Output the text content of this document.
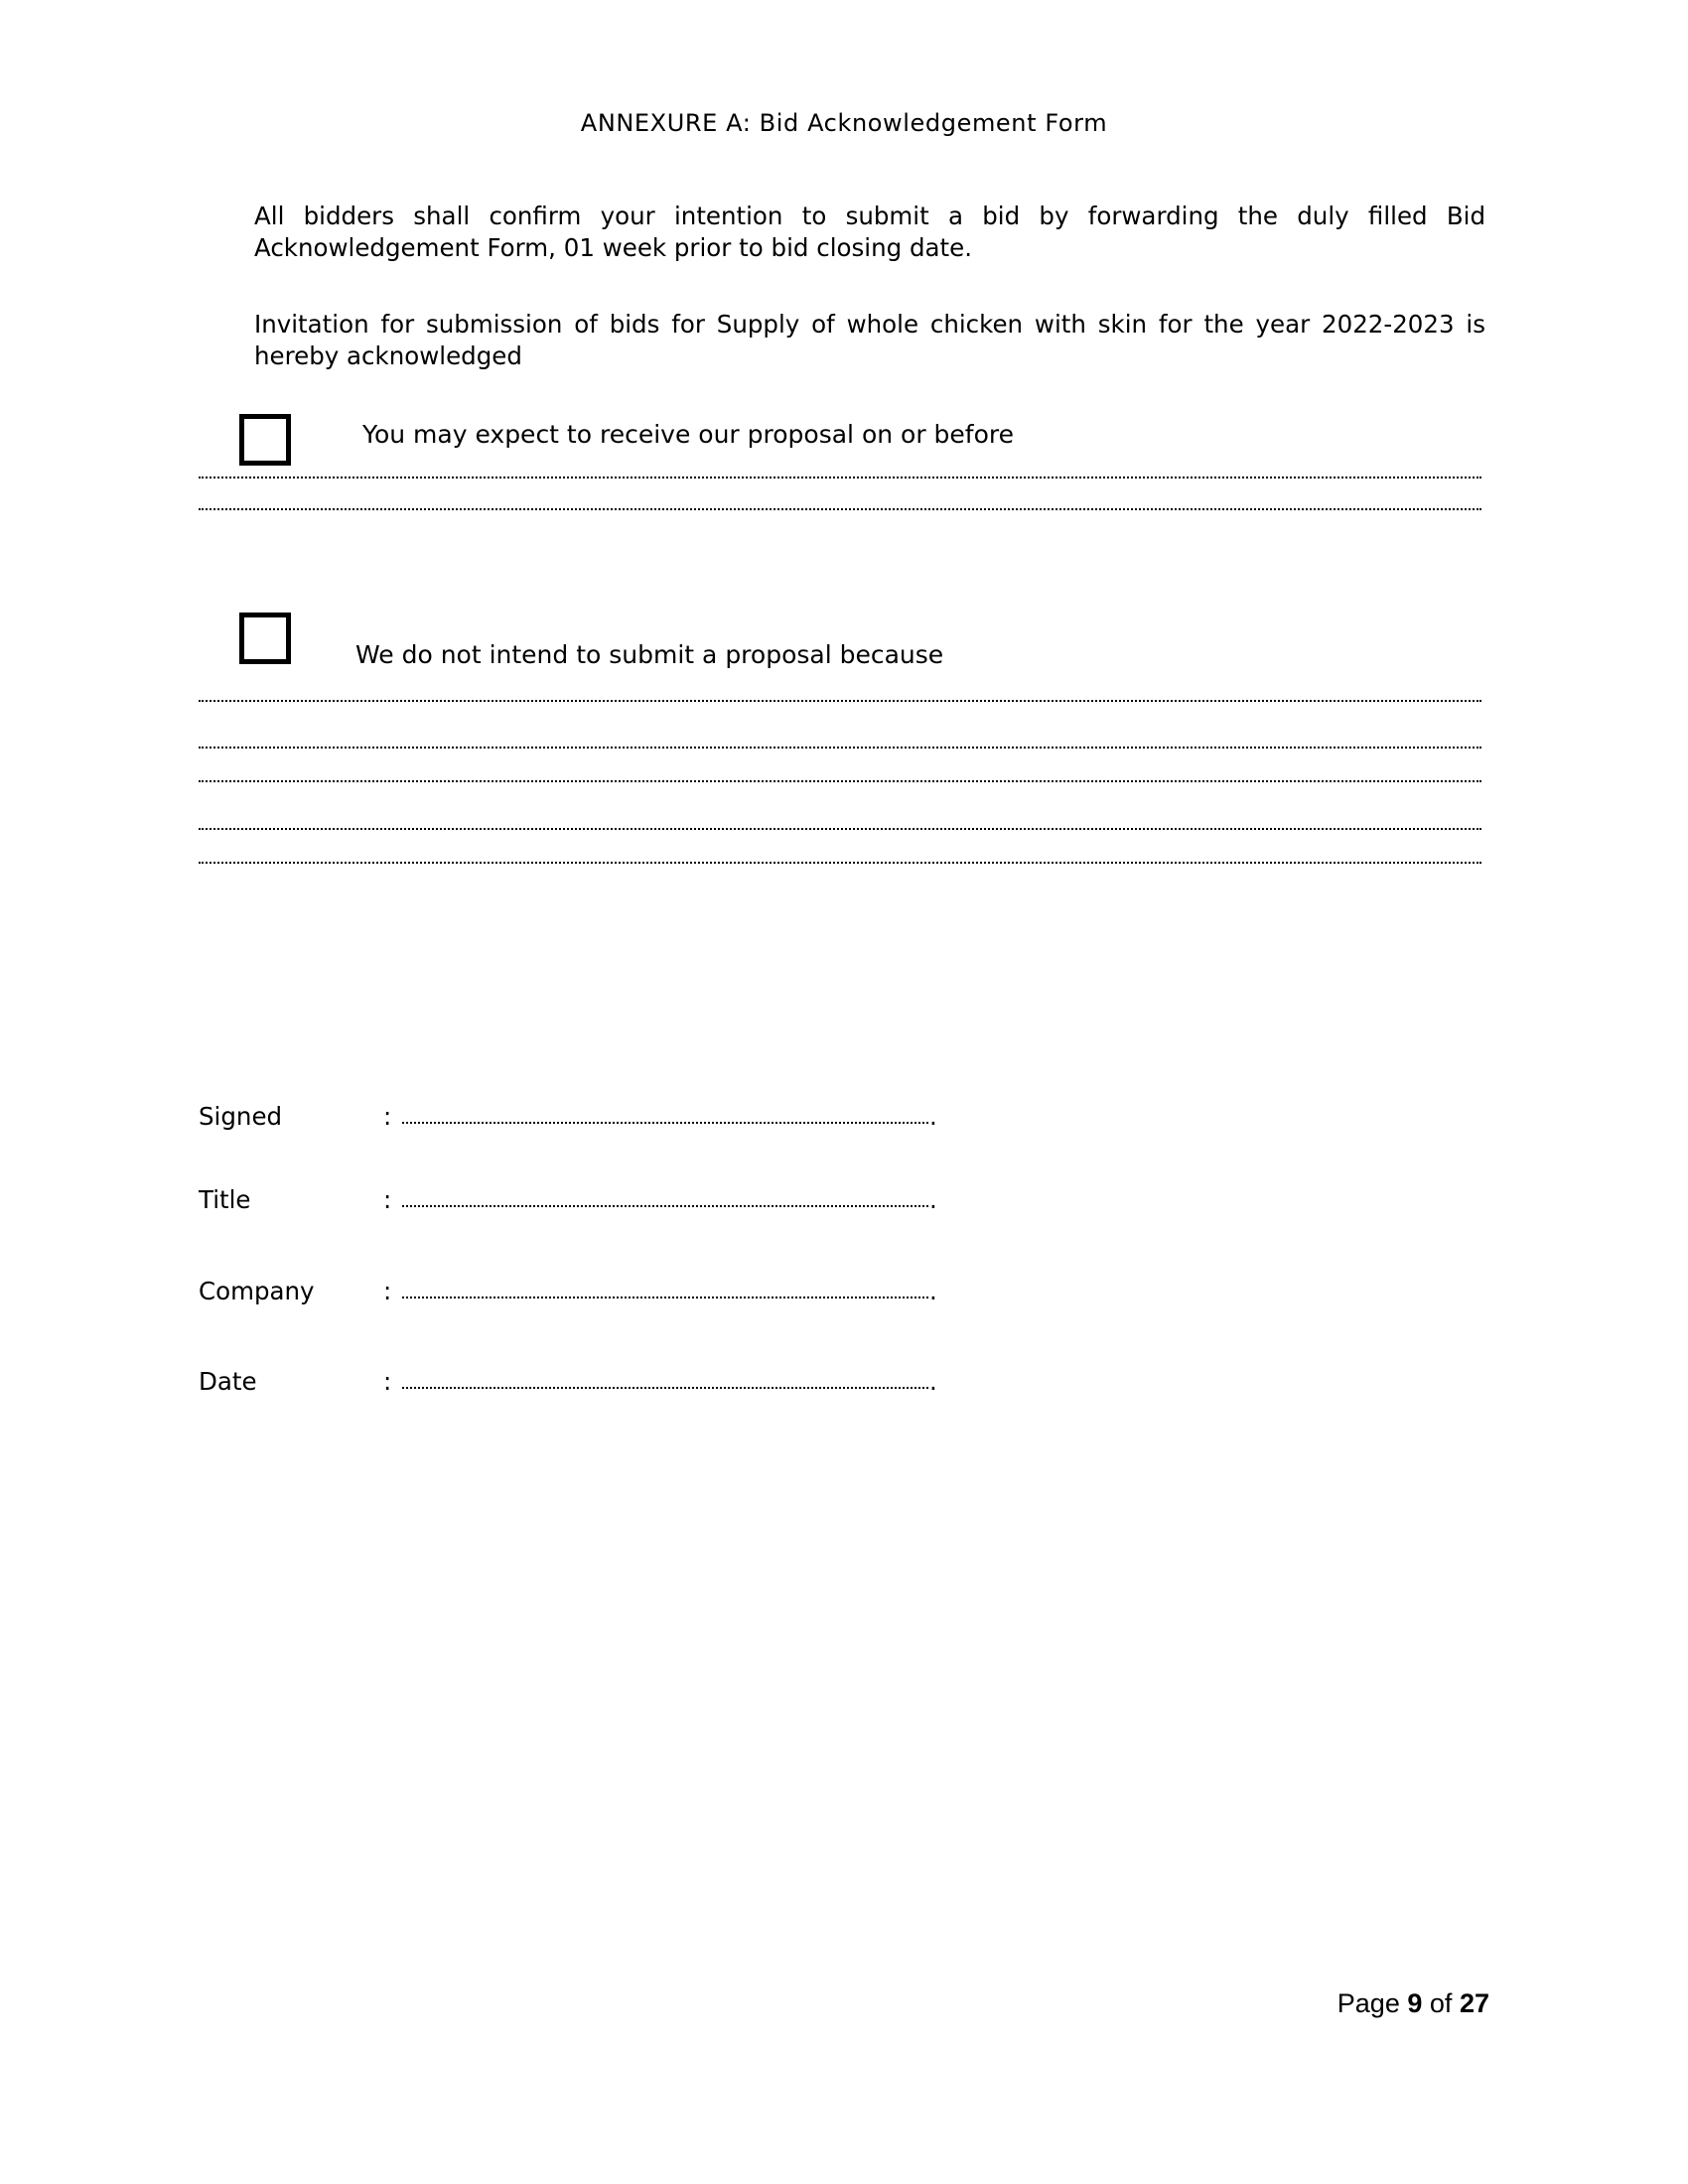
ANNEXURE A: Bid Acknowledgement Form
All bidders shall confirm your intention to submit a bid by forwarding the duly filled Bid Acknowledgement Form, 01 week prior to bid closing date.
Invitation for submission of bids for Supply of whole chicken with skin for the year 2022-2023 is hereby acknowledged
You may expect to receive our proposal on or before
We do not intend to submit a proposal because
Signed	:	.
Title	:	.
Company	:	.
Date	:	.
Page 9 of 27
